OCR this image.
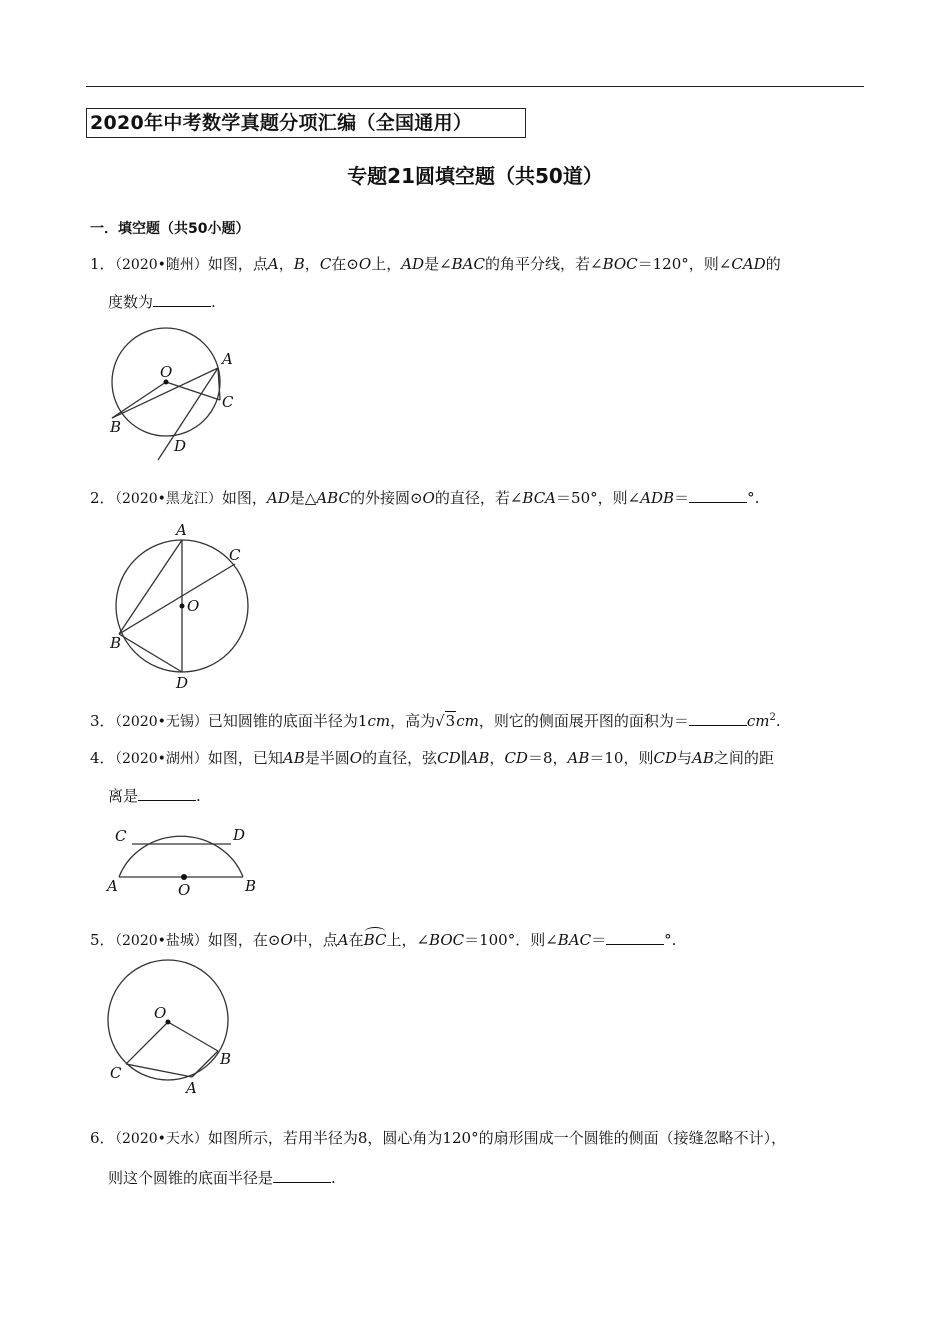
2020年中考数学真题分项汇编（全国通用）
专题21圆填空题（共50道）
一．填空题（共50小题）
1．（2020•随州）如图，点A，B，C在⊙O上，AD是∠BAC的角平分线，若∠BOC＝120°，则∠CAD的
度数为	.
O
A
C
B
D
2．（2020•黑龙江）如图，AD是△ABC的外接圆⊙O的直径，若∠BCA＝50°，则∠ADB＝	°.
A
C
O
B
D
3．（2020•无锡）已知圆锥的底面半径为1cm，高为√3cm，则它的侧面展开图的面积为＝	$cm^2$.
4．（2020•湖州）如图，已知AB是半圆O的直径，弦CD∥AB，CD＝8，AB＝10，则CD与AB之间的距
离是	.
C	D
A	O	B
5．（2020•盐城）如图，在⊙O中，点A在BC上，∠BOC＝100°．则∠BAC＝	°.
O
B
C
A
6．（2020•天水）如图所示，若用半径为8，圆心角为120°的扇形围成一个圆锥的侧面（接缝忽略不计），
则这个圆锥的底面半径是	.
